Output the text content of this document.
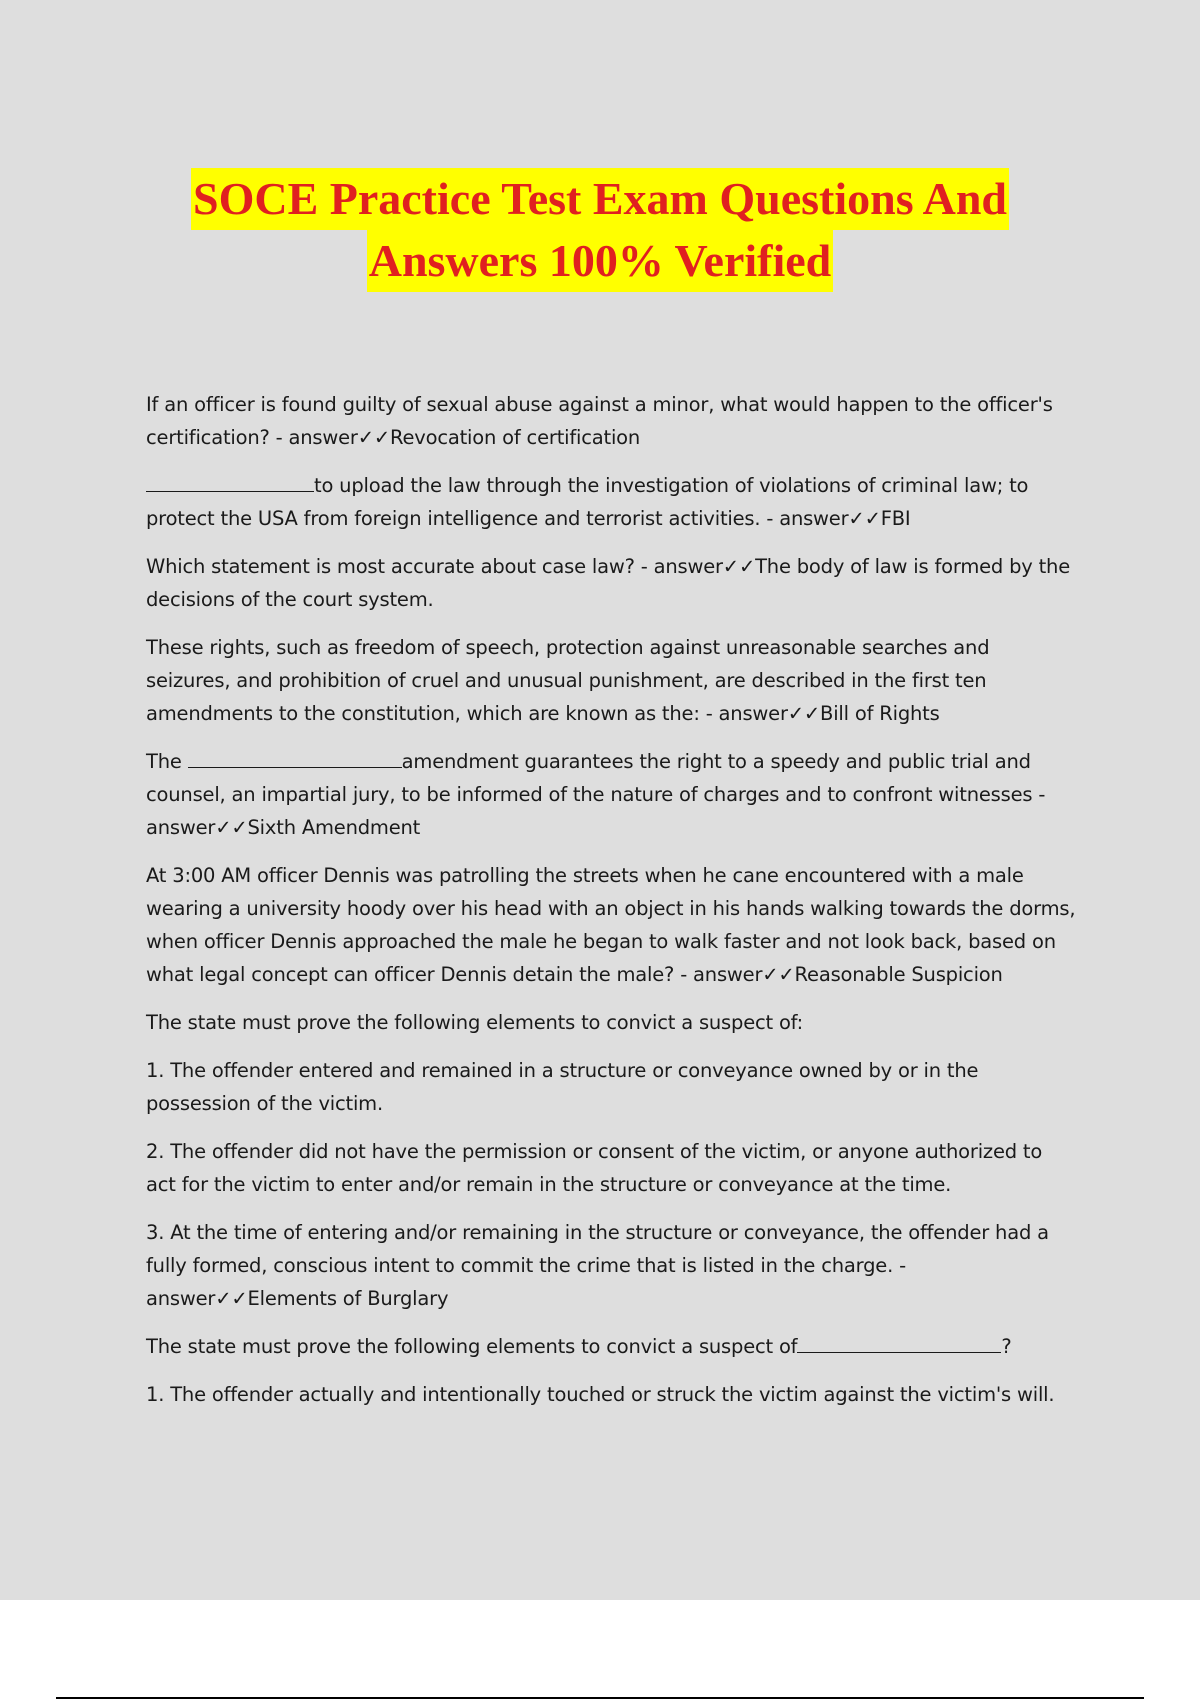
SOCE Practice Test Exam Questions And
Answers 100% Verified

If an officer is found guilty of sexual abuse against a minor, what would happen to the officer's certification? - answer✓✓Revocation of certification

to upload the law through the investigation of violations of criminal law; to protect the USA from foreign intelligence and terrorist activities. - answer✓✓FBI

Which statement is most accurate about case law? - answer✓✓The body of law is formed by the decisions of the court system.

These rights, such as freedom of speech, protection against unreasonable searches and seizures, and prohibition of cruel and unusual punishment, are described in the first ten amendments to the constitution, which are known as the: - answer✓✓Bill of Rights

The	amendment guarantees the right to a speedy and public trial and counsel, an impartial jury, to be informed of the nature of charges and to confront witnesses - answer✓✓Sixth Amendment

At 3:00 AM officer Dennis was patrolling the streets when he cane encountered with a male wearing a university hoody over his head with an object in his hands walking towards the dorms, when officer Dennis approached the male he began to walk faster and not look back, based on what legal concept can officer Dennis detain the male? - answer✓✓Reasonable Suspicion

The state must prove the following elements to convict a suspect of:

1. The offender entered and remained in a structure or conveyance owned by or in the possession of the victim.

2. The offender did not have the permission or consent of the victim, or anyone authorized to act for the victim to enter and/or remain in the structure or conveyance at the time.

3. At the time of entering and/or remaining in the structure or conveyance, the offender had a fully formed, conscious intent to commit the crime that is listed in the charge. - answer✓✓Elements of Burglary

The state must prove the following elements to convict a suspect of	?

1. The offender actually and intentionally touched or struck the victim against the victim's will.
